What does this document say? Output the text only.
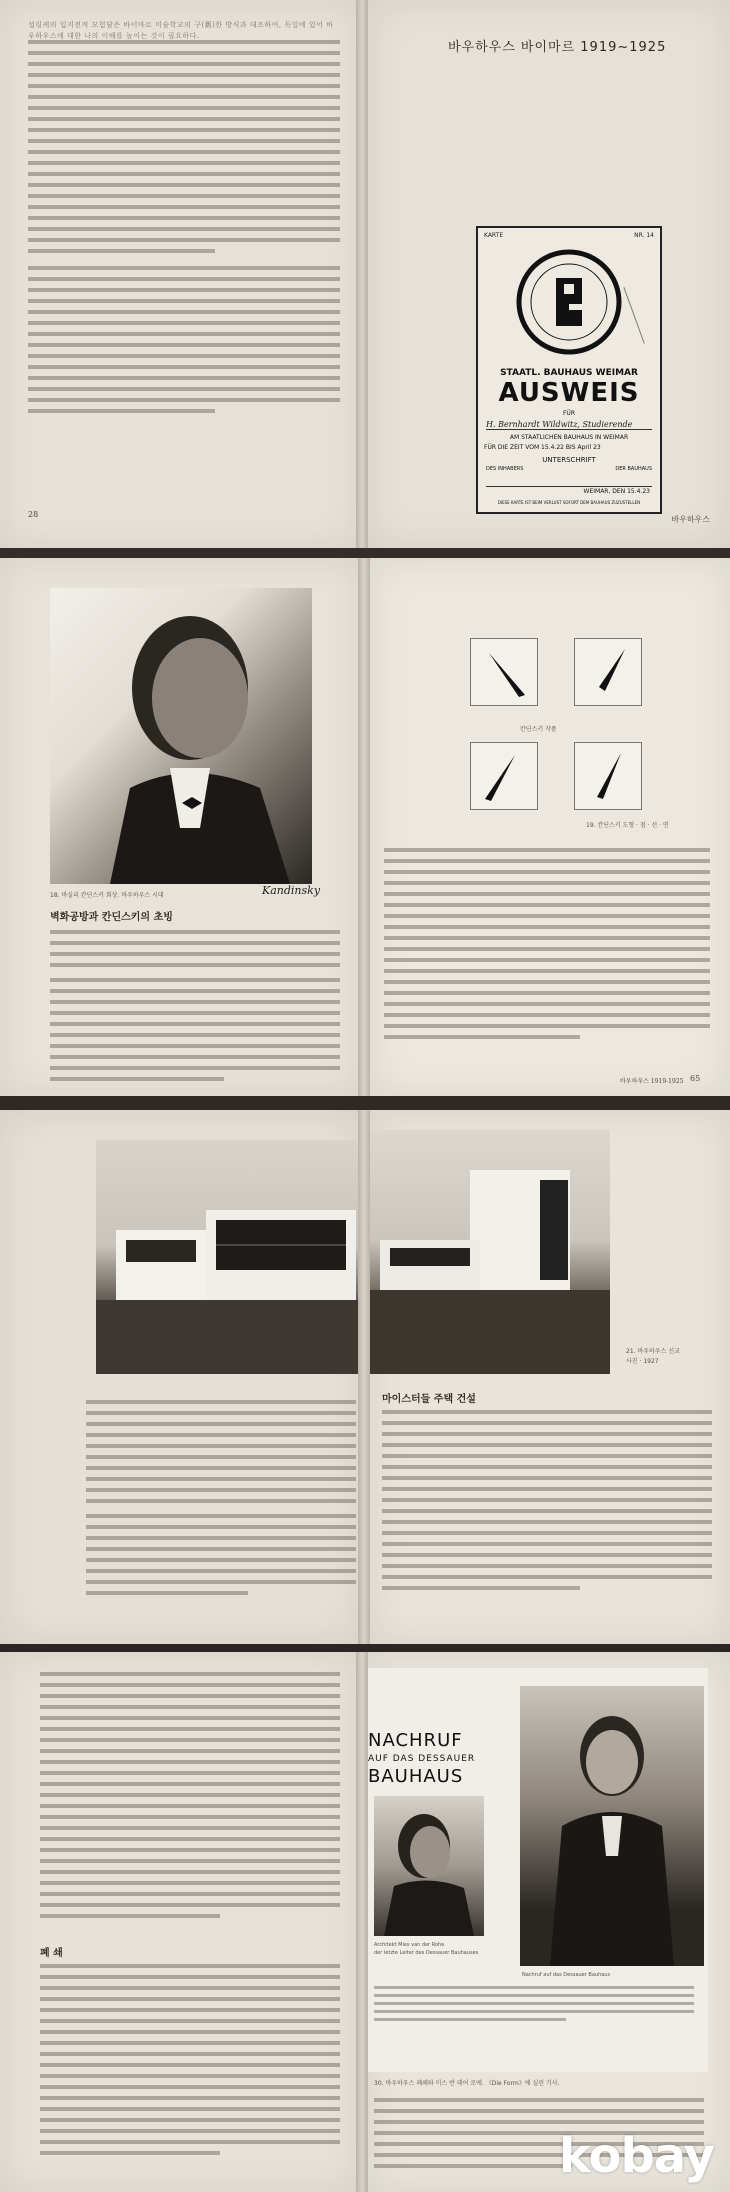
셜링케의 입지전적 모험담은 바이마르 미술학교의 구(舊)한 방식과 대조하여, 독일에 있어 바우하우스에 대한 나의 이해를 높이는 것이 필요하다.
28
바우하우스 바이마르 1919~1925
KARTE	NR. 14
STAATL. BAUHAUS WEIMAR
AUSWEIS
FÜR
H. Bernhardt Wildwitz, Studierende
AM STAATLICHEN BAUHAUS IN WEIMAR
FÜR DIE ZEIT VOM 15.4.22 BIS April 23
UNTERSCHRIFT
DES INHABERS	DER BAUHAUS
WEIMAR, DEN 15.4.23
DIESE KARTE IST BEIM VERLUST SOFORT DEM BAUHAUS ZUZUSTELLEN
바우하우스
18. 바실리 칸딘스키 회상. 바우하우스 시대	Kandinsky
벽화공방과 칸딘스키의 초빙
칸딘스키 작품
19. 칸딘스키 도형 · 점 · 선 · 면
바우하우스 1919-1925 65
21. 바우하우스 신교
사진 · 1927
마이스터들 주택 건설
폐 쇄
NACHRUF
AUF DAS DESSAUER
BAUHAUS
Architekt Mies van der Rohe
der letzte Leiter des Dessauer Bauhauses
Nachruf auf das Dessauer Bauhaus
30. 바우하우스 폐쇄와 미스 반 데어 로에. 《Die Form》에 실린 기사.
kobay
